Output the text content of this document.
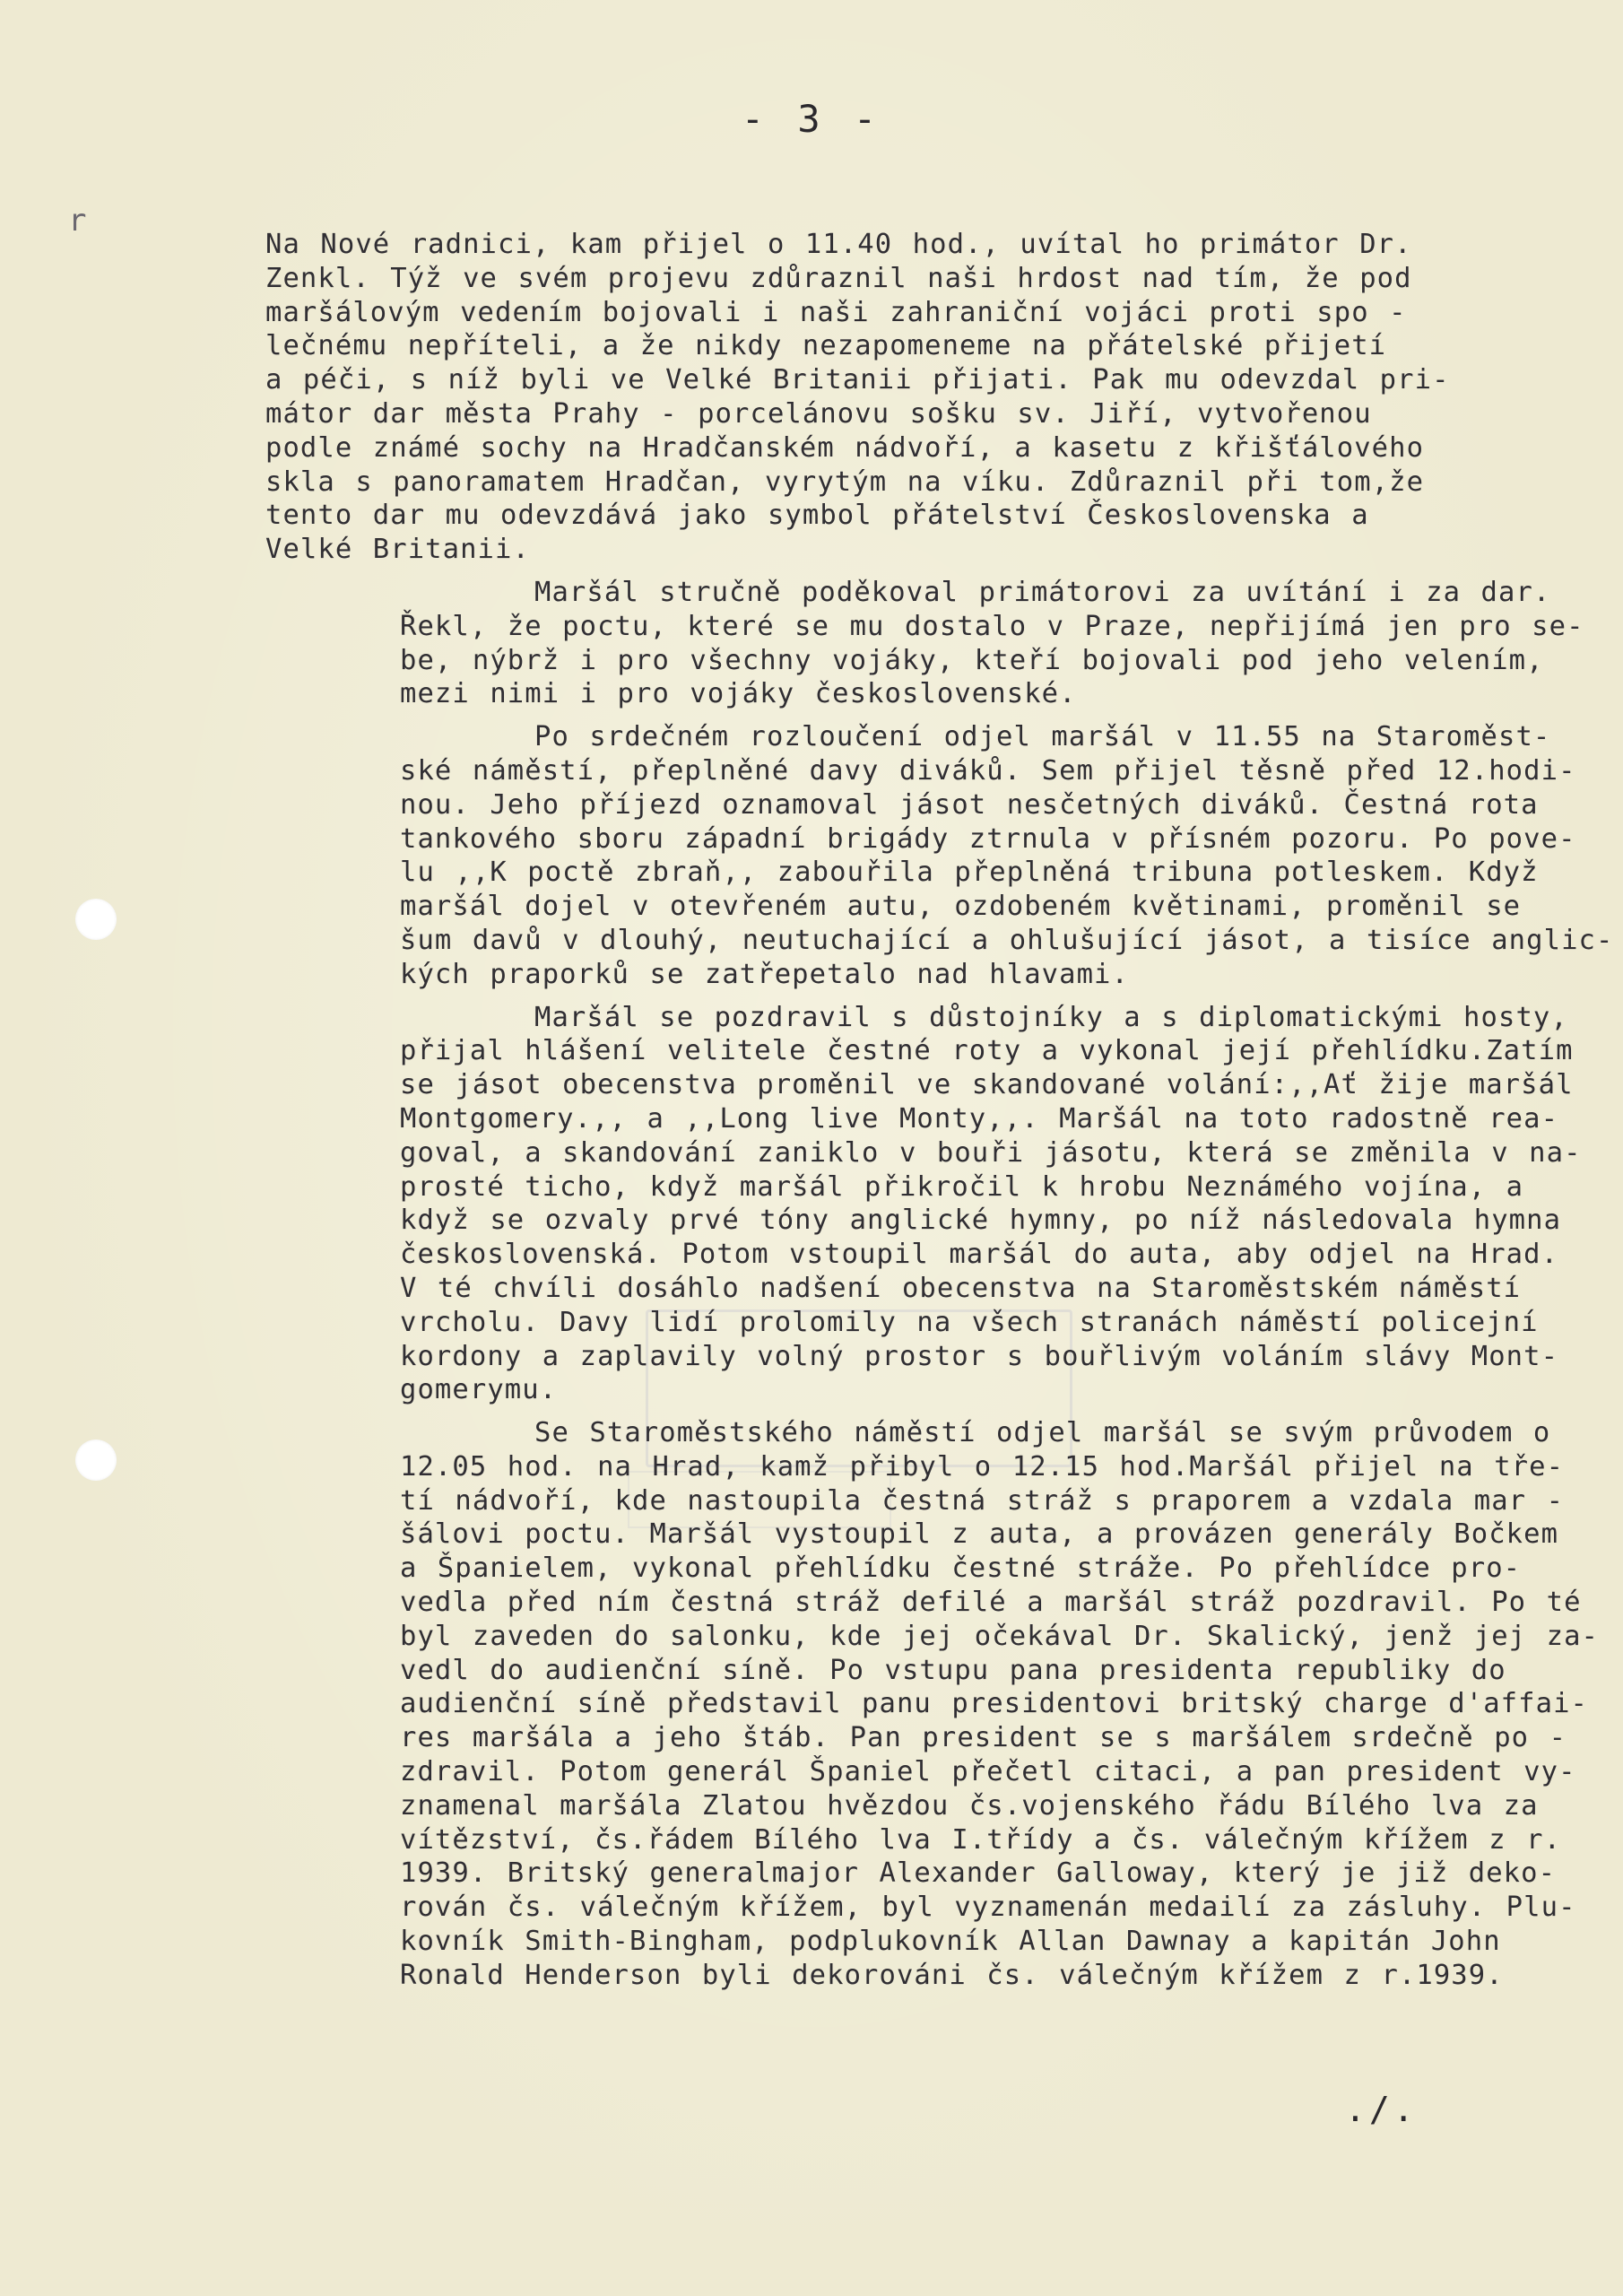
r
- 3 -
Na Nové radnici, kam přijel o 11.40 hod., uvítal ho primátor Dr.
Zenkl. Týž ve svém projevu zdůraznil naši hrdost nad tím, že pod
maršálovým vedením bojovali i naši zahraniční vojáci proti spo -
lečnému nepříteli, a že nikdy nezapomeneme na přátelské přijetí
a péči, s níž byli ve Velké Britanii přijati. Pak mu odevzdal pri-
mátor dar města Prahy - porcelánovu sošku sv. Jiří, vytvořenou
podle známé sochy na Hradčanském nádvoří, a kasetu z křišťálového
skla s panoramatem Hradčan, vyrytým na víku. Zdůraznil při tom,že
tento dar mu odevzdává jako symbol přátelství Československa a
Velké Britanii.
Maršál stručně poděkoval primátorovi za uvítání i za dar.
Řekl, že poctu, které se mu dostalo v Praze, nepřijímá jen pro se-
be, nýbrž i pro všechny vojáky, kteří bojovali pod jeho velením,
mezi nimi i pro vojáky československé.
Po srdečném rozloučení odjel maršál v 11.55 na Staroměst-
ské náměstí, přeplněné davy diváků. Sem přijel těsně před 12.hodi-
nou. Jeho příjezd oznamoval jásot nesčetných diváků. Čestná rota
tankového sboru západní brigády ztrnula v přísném pozoru. Po pove-
lu ,,K poctě zbraň,, zabouřila přeplněná tribuna potleskem. Když
maršál dojel v otevřeném autu, ozdobeném květinami, proměnil se
šum davů v dlouhý, neutuchající a ohlušující jásot, a tisíce anglic-
kých praporků se zatřepetalo nad hlavami.
Maršál se pozdravil s důstojníky a s diplomatickými hosty,
přijal hlášení velitele čestné roty a vykonal její přehlídku.Zatím
se jásot obecenstva proměnil ve skandované volání:,,Ať žije maršál
Montgomery.,, a ,,Long live Monty,,. Maršál na toto radostně rea-
goval, a skandování zaniklo v bouři jásotu, která se změnila v na-
prosté ticho, když maršál přikročil k hrobu Neznámého vojína, a
když se ozvaly prvé tóny anglické hymny, po níž následovala hymna
československá. Potom vstoupil maršál do auta, aby odjel na Hrad.
V té chvíli dosáhlo nadšení obecenstva na Staroměstském náměstí
vrcholu. Davy lidí prolomily na všech stranách náměstí policejní
kordony a zaplavily volný prostor s bouřlivým voláním slávy Mont-
gomerymu.
Se Staroměstského náměstí odjel maršál se svým průvodem o
12.05 hod. na Hrad, kamž přibyl o 12.15 hod.Maršál přijel na tře-
tí nádvoří, kde nastoupila čestná stráž s praporem a vzdala mar -
šálovi poctu. Maršál vystoupil z auta, a provázen generály Bočkem
a Španielem, vykonal přehlídku čestné stráže. Po přehlídce pro-
vedla před ním čestná stráž defilé a maršál stráž pozdravil. Po té
byl zaveden do salonku, kde jej očekával Dr. Skalický, jenž jej za-
vedl do audienční síně. Po vstupu pana presidenta republiky do
audienční síně představil panu presidentovi britský charge d'affai-
res maršála a jeho štáb. Pan president se s maršálem srdečně po -
zdravil. Potom generál Španiel přečetl citaci, a pan president vy-
znamenal maršála Zlatou hvězdou čs.vojenského řádu Bílého lva za
vítězství, čs.řádem Bílého lva I.třídy a čs. válečným křížem z r.
1939. Britský generalmajor Alexander Galloway, který je již deko-
rován čs. válečným křížem, byl vyznamenán medailí za zásluhy. Plu-
kovník Smith-Bingham, podplukovník Allan Dawnay a kapitán John
Ronald Henderson byli dekorováni čs. válečným křížem z r.1939.
./.
